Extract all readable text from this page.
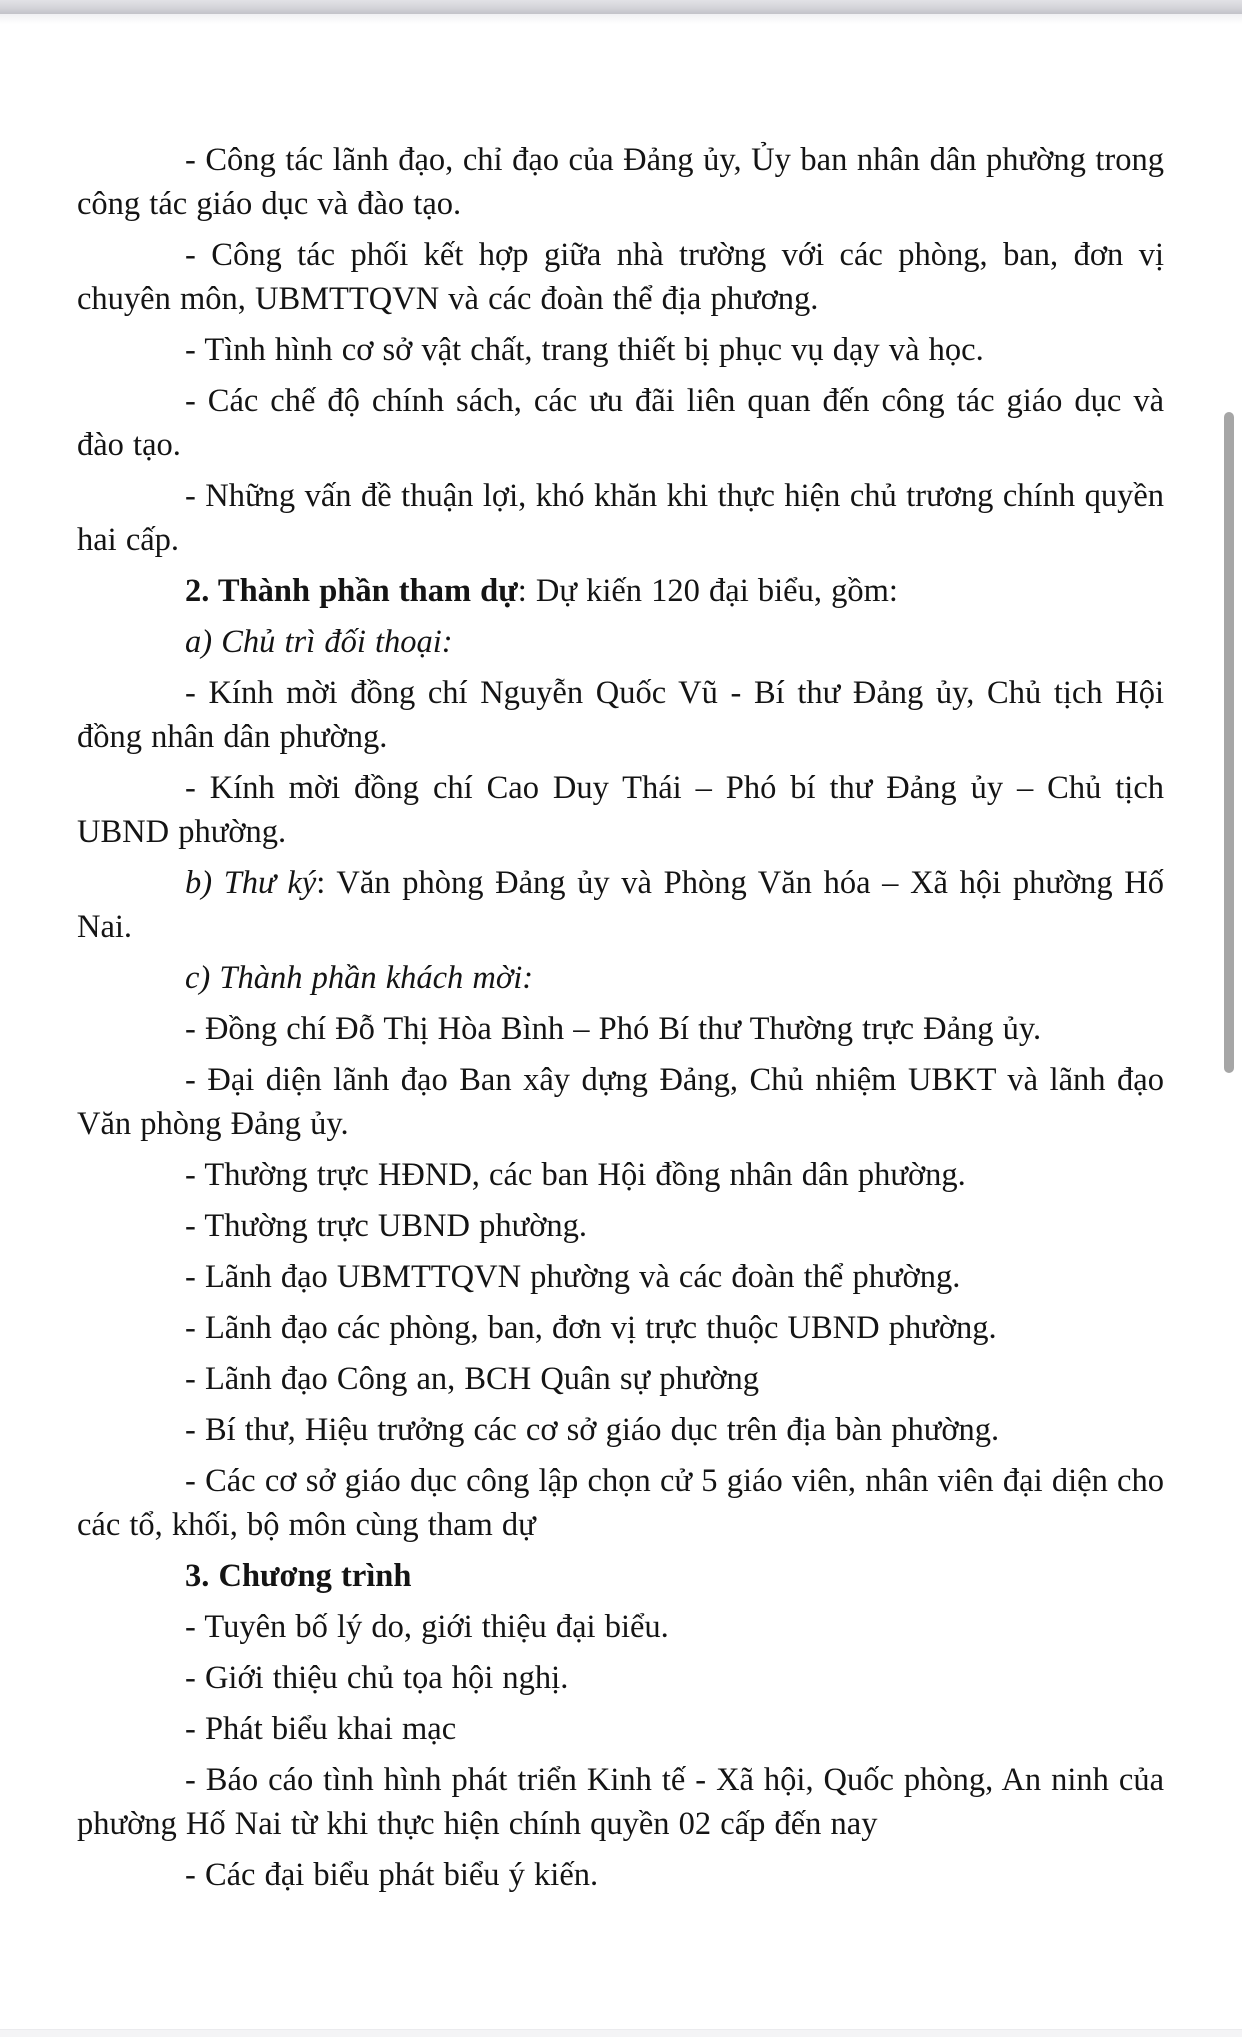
- Công tác lãnh đạo, chỉ đạo của Đảng ủy, Ủy ban nhân dân phường trong công tác giáo dục và đào tạo.

- Công tác phối kết hợp giữa nhà trường với các phòng, ban, đơn vị chuyên môn, UBMTTQVN và các đoàn thể địa phương.

- Tình hình cơ sở vật chất, trang thiết bị phục vụ dạy và học.

- Các chế độ chính sách, các ưu đãi liên quan đến công tác giáo dục và đào tạo.

- Những vấn đề thuận lợi, khó khăn khi thực hiện chủ trương chính quyền hai cấp.

2. Thành phần tham dự: Dự kiến 120 đại biểu, gồm:

a) Chủ trì đối thoại:

- Kính mời đồng chí Nguyễn Quốc Vũ - Bí thư Đảng ủy, Chủ tịch Hội đồng nhân dân phường.

- Kính mời đồng chí Cao Duy Thái – Phó bí thư Đảng ủy – Chủ tịch UBND phường.

b) Thư ký: Văn phòng Đảng ủy và Phòng Văn hóa – Xã hội phường Hố Nai.

c) Thành phần khách mời:

- Đồng chí Đỗ Thị Hòa Bình – Phó Bí thư Thường trực Đảng ủy.

- Đại diện lãnh đạo Ban xây dựng Đảng, Chủ nhiệm UBKT và lãnh đạo Văn phòng Đảng ủy.

- Thường trực HĐND, các ban Hội đồng nhân dân phường.

- Thường trực UBND phường.

- Lãnh đạo UBMTTQVN phường và các đoàn thể phường.

- Lãnh đạo các phòng, ban, đơn vị trực thuộc UBND phường.

- Lãnh đạo Công an, BCH Quân sự phường

- Bí thư, Hiệu trưởng các cơ sở giáo dục trên địa bàn phường.

- Các cơ sở giáo dục công lập chọn cử 5 giáo viên, nhân viên đại diện cho các tổ, khối, bộ môn cùng tham dự

3. Chương trình

- Tuyên bố lý do, giới thiệu đại biểu.

- Giới thiệu chủ tọa hội nghị.

- Phát biểu khai mạc

- Báo cáo tình hình phát triển Kinh tế - Xã hội, Quốc phòng, An ninh của phường Hố Nai từ khi thực hiện chính quyền 02 cấp đến nay

- Các đại biểu phát biểu ý kiến.
